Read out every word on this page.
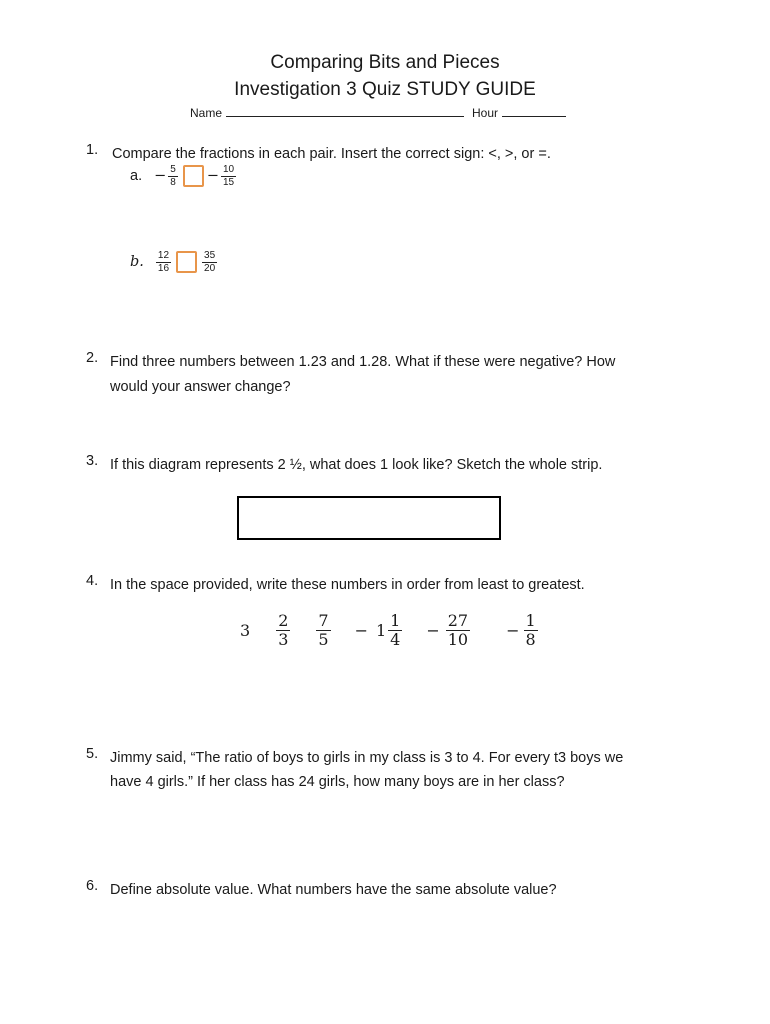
Comparing Bits and Pieces
Investigation 3 Quiz STUDY GUIDE
Name	Hour
1. Compare the fractions in each pair. Insert the correct sign: <, >, or =.
a. − $\frac{5}{8} - \frac{10}{15}$
b. $\frac{12}{16}$	$\frac{35}{20}$
2. Find three numbers between 1.23 and 1.28. What if these were negative? How
would your answer change?
3. If this diagram represents 2 ½, what does 1 look like? Sketch the whole strip.
4. In the space provided, write these numbers in order from least to greatest.
$3 \frac{2}{3} \frac{7}{5} - 1 \frac{1}{4} - \frac{27}{10} - \frac{1}{8}$
5. Jimmy said, “The ratio of boys to girls in my class is 3 to 4. For every t3 boys we
have 4 girls.” If her class has 24 girls, how many boys are in her class?
6. Define absolute value. What numbers have the same absolute value?
